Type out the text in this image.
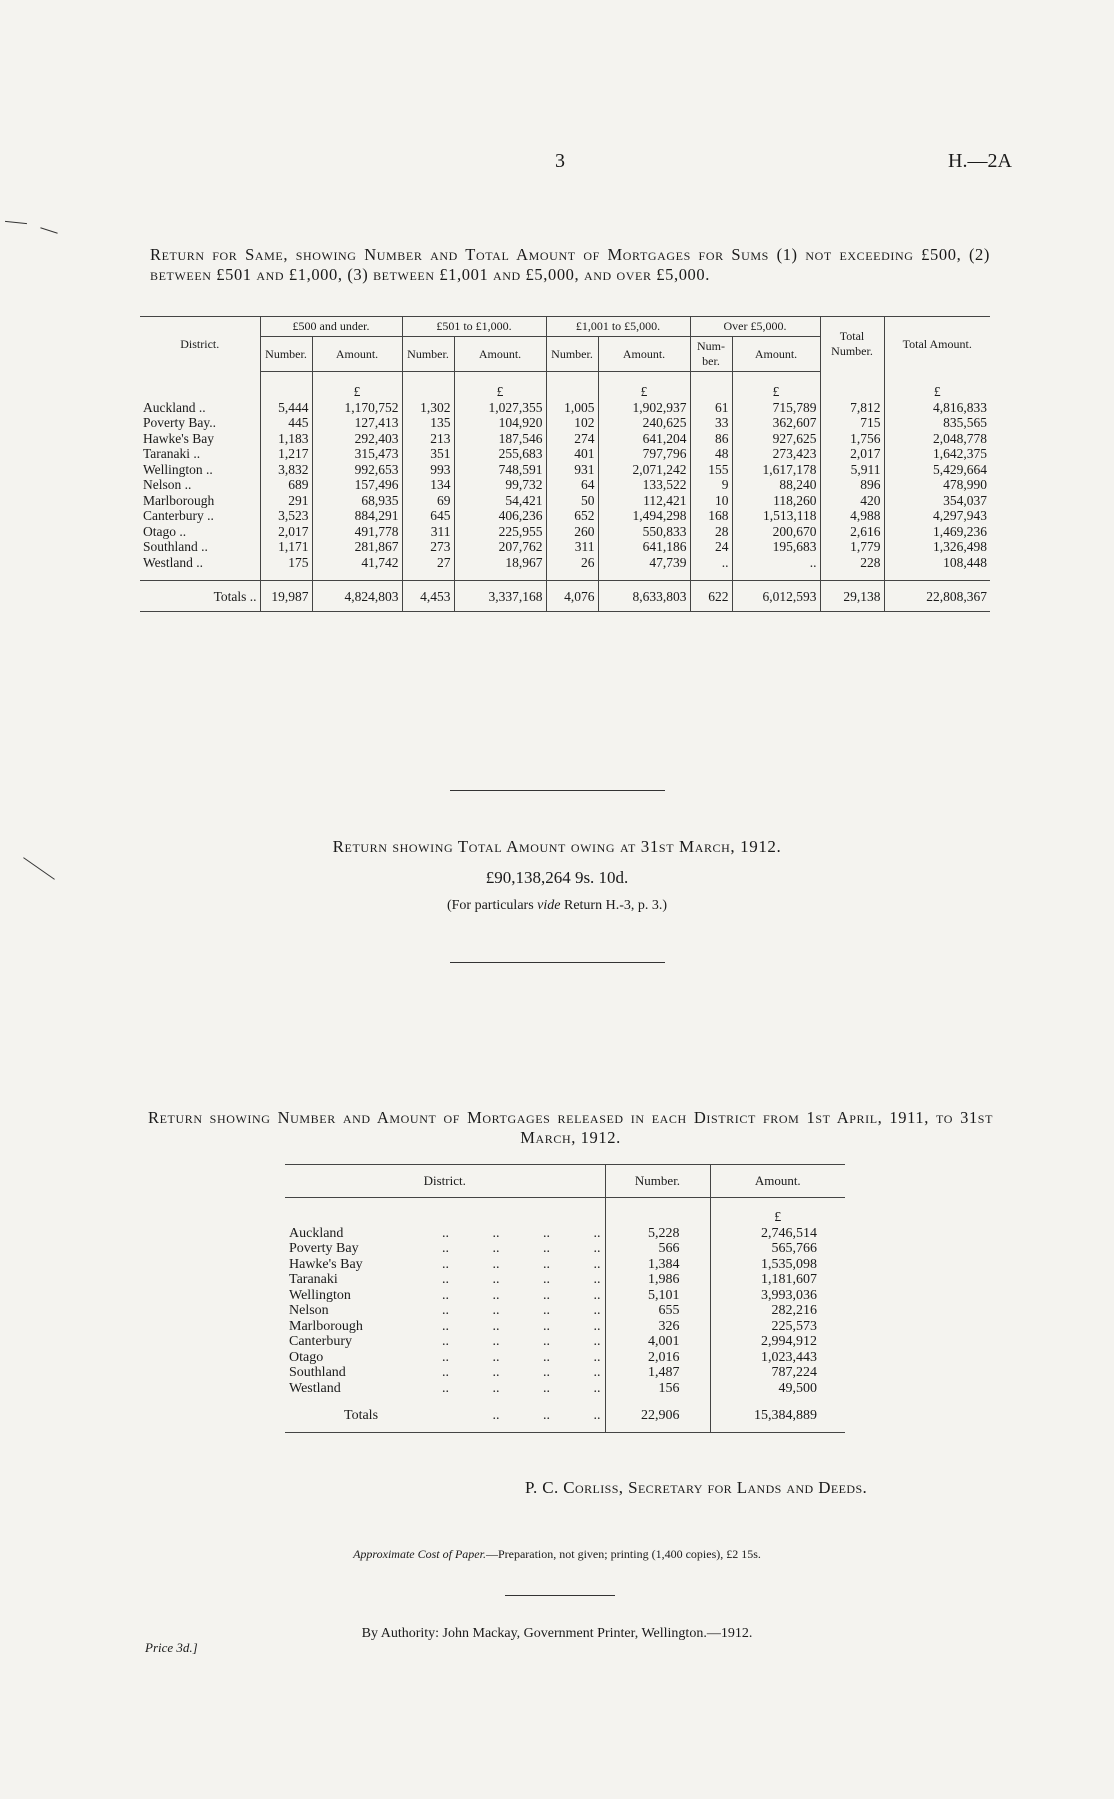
3	H.—2A
Return for Same, showing Number and Total Amount of Mortgages for Sums (1) not exceeding £500, (2) between £501 and £1,000, (3) between £1,001 and £5,000, and over £5,000.
District.	£500 and under.		£501 to £1,000.		£1,001 to £5,000.		Over £5,000.		Total Number.	Total Amount.
	Number.	Amount.	Number.	Amount.	Number.	Amount.	Num-ber.	Amount.		
		£		£		£		£		£
Auckland ..	5,444	1,170,752	1,302	1,027,355	1,005	1,902,937	61	715,789	7,812	4,816,833
Poverty Bay..	445	127,413	135	104,920	102	240,625	33	362,607	715	835,565
Hawke's Bay	1,183	292,403	213	187,546	274	641,204	86	927,625	1,756	2,048,778
Taranaki ..	1,217	315,473	351	255,683	401	797,796	48	273,423	2,017	1,642,375
Wellington ..	3,832	992,653	993	748,591	931	2,071,242	155	1,617,178	5,911	5,429,664
Nelson ..	689	157,496	134	99,732	64	133,522	9	88,240	896	478,990
Marlborough	291	68,935	69	54,421	50	112,421	10	118,260	420	354,037
Canterbury ..	3,523	884,291	645	406,236	652	1,494,298	168	1,513,118	4,988	4,297,943
Otago ..	2,017	491,778	311	225,955	260	550,833	28	200,670	2,616	1,469,236
Southland ..	1,171	281,867	273	207,762	311	641,186	24	195,683	1,779	1,326,498
Westland ..	175	41,742	27	18,967	26	47,739	..	..	228	108,448

Totals ..	19,987	4,824,803	4,453	3,337,168	4,076	8,633,803	622	6,012,593	29,138	22,808,367
Return showing Total Amount owing at 31st March, 1912.
£90,138,264 9s. 10d.
(For particulars vide Return H.-3, p. 3.)
Return showing Number and Amount of Mortgages released in each District from 1st April, 1911, to 31st March, 1912.
District.	Number.	Amount.
		£

Auckland	.. .. .. ..	5,228	2,746,514

Poverty Bay	.. .. .. ..	566	565,766

Hawke's Bay	.. .. .. ..	1,384	1,535,098

Taranaki	.. .. .. ..	1,986	1,181,607

Wellington	.. .. .. ..	5,101	3,993,036

Nelson	.. .. .. ..	655	282,216

Marlborough	.. .. .. ..	326	225,573

Canterbury	.. .. .. ..	4,001	2,994,912

Otago	.. .. .. ..	2,016	1,023,443

Southland	.. .. .. ..	1,487	787,224

Westland	.. .. .. ..	156	49,500

Totals	.. .. ..	22,906	15,384,889
P. C. Corliss, Secretary for Lands and Deeds.
Approximate Cost of Paper.—Preparation, not given; printing (1,400 copies), £2 15s.
Price 3d.]
By Authority: John Mackay, Government Printer, Wellington.—1912.
